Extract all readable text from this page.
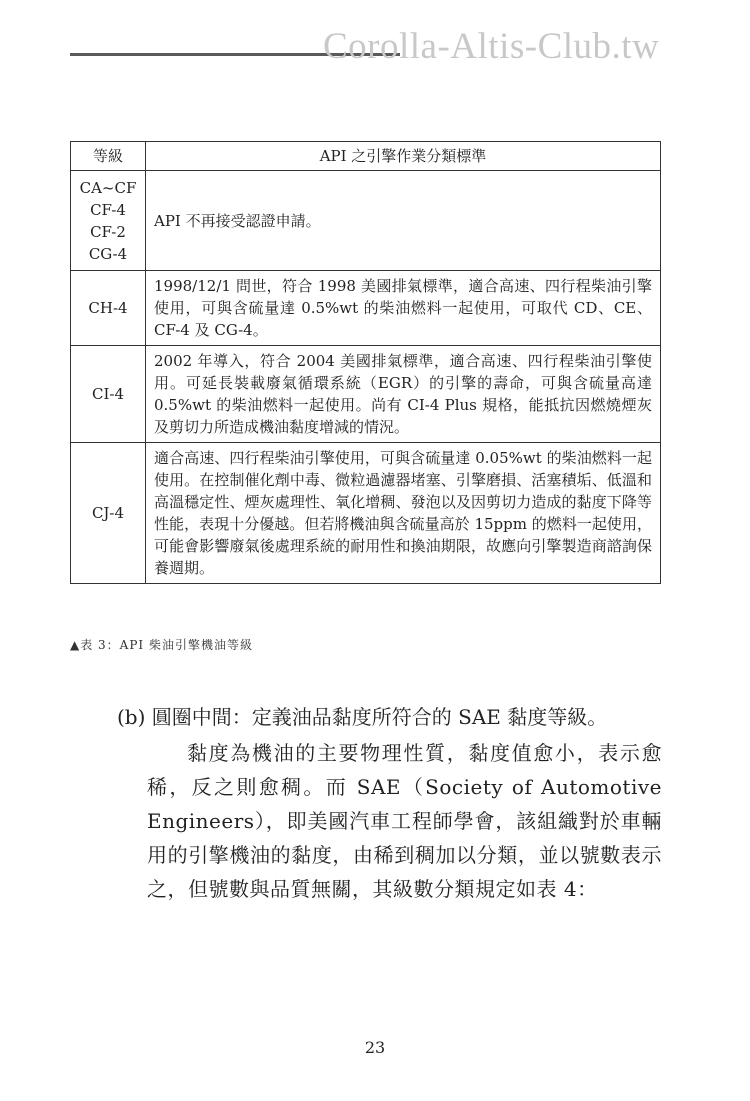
Corolla-Altis-Club.tw
等級	API 之引擎作業分類標準

CA~CF
CF-4
CF-2
CG-4	API 不再接受認證申請。

CH-4	1998/12/1 問世，符合 1998 美國排氣標準，適合高速、四行程柴油引擎使用，可與含硫量達 0.5%wt 的柴油燃料一起使用，可取代 CD、CE、CF-4 及 CG-4。

CI-4	2002 年導入，符合 2004 美國排氣標準，適合高速、四行程柴油引擎使用。可延長裝載廢氣循環系統（EGR）的引擎的壽命，可與含硫量高達 0.5%wt 的柴油燃料一起使用。尚有 CI-4 Plus 規格，能抵抗因燃燒煙灰及剪切力所造成機油黏度增減的情況。

CJ-4	適合高速、四行程柴油引擎使用，可與含硫量達 0.05%wt 的柴油燃料一起使用。在控制催化劑中毒、微粒過濾器堵塞、引擎磨損、活塞積垢、低溫和高溫穩定性、煙灰處理性、氧化增稠、發泡以及因剪切力造成的黏度下降等性能，表現十分優越。但若將機油與含硫量高於 15ppm 的燃料一起使用，可能會影響廢氣後處理系統的耐用性和換油期限，故應向引擎製造商諮詢保養週期。
▲表 3：API 柴油引擎機油等級
(b) 圓圈中間：定義油品黏度所符合的 SAE 黏度等級。

黏度為機油的主要物理性質，黏度值愈小，表示愈稀，反之則愈稠。而 SAE（Society of Automotive Engineers），即美國汽車工程師學會，該組織對於車輛用的引擎機油的黏度，由稀到稠加以分類，並以號數表示之，但號數與品質無關，其級數分類規定如表 4：

23
